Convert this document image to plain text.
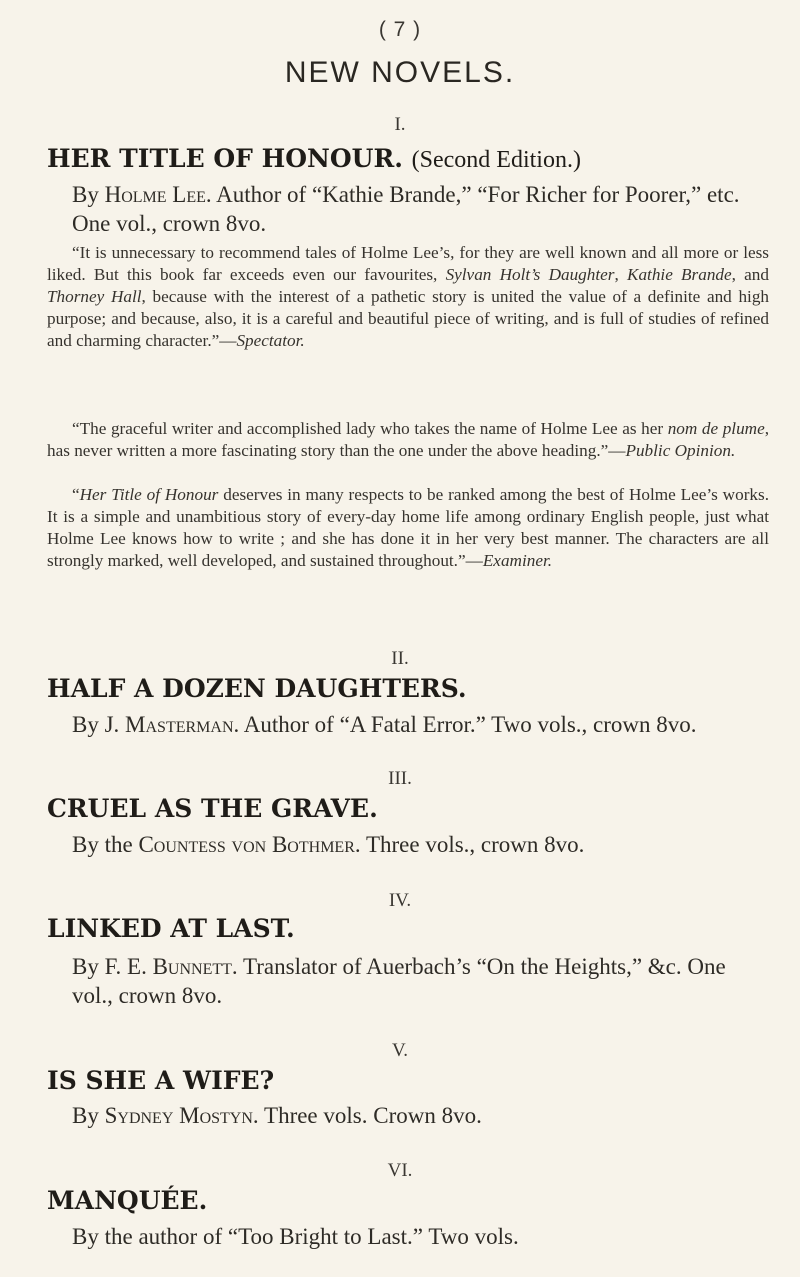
( 7 )
NEW NOVELS.
I.
HER TITLE OF HONOUR. (Second Edition.)
By Holme Lee. Author of “Kathie Brande,” “For Richer for Poorer,” etc. One vol., crown 8vo.

“It is unnecessary to recommend tales of Holme Lee’s, for they are well known and all more or less liked. But this book far exceeds even our favourites, Sylvan Holt’s Daughter, Kathie Brande, and Thorney Hall, because with the interest of a pathetic story is united the value of a definite and high purpose; and because, also, it is a careful and beautiful piece of writing, and is full of studies of refined and charming character.”—Spectator.

“The graceful writer and accomplished lady who takes the name of Holme Lee as her nom de plume, has never written a more fascinating story than the one under the above heading.”—Public Opinion.

“Her Title of Honour deserves in many respects to be ranked among the best of Holme Lee’s works. It is a simple and unambitious story of every-day home life among ordinary English people, just what Holme Lee knows how to write ; and she has done it in her very best manner. The characters are all strongly marked, well developed, and sustained throughout.”—Examiner.

II.
HALF A DOZEN DAUGHTERS.
By J. Masterman. Author of “A Fatal Error.” Two vols., crown 8vo.
III.
CRUEL AS THE GRAVE.
By the Countess von Bothmer. Three vols., crown 8vo.
IV.
LINKED AT LAST.
By F. E. Bunnett. Translator of Auerbach’s “On the Heights,” &c. One vol., crown 8vo.
V.
IS SHE A WIFE?
By Sydney Mostyn. Three vols. Crown 8vo.
VI.
MANQUÉE.
By the author of “Too Bright to Last.” Two vols.
